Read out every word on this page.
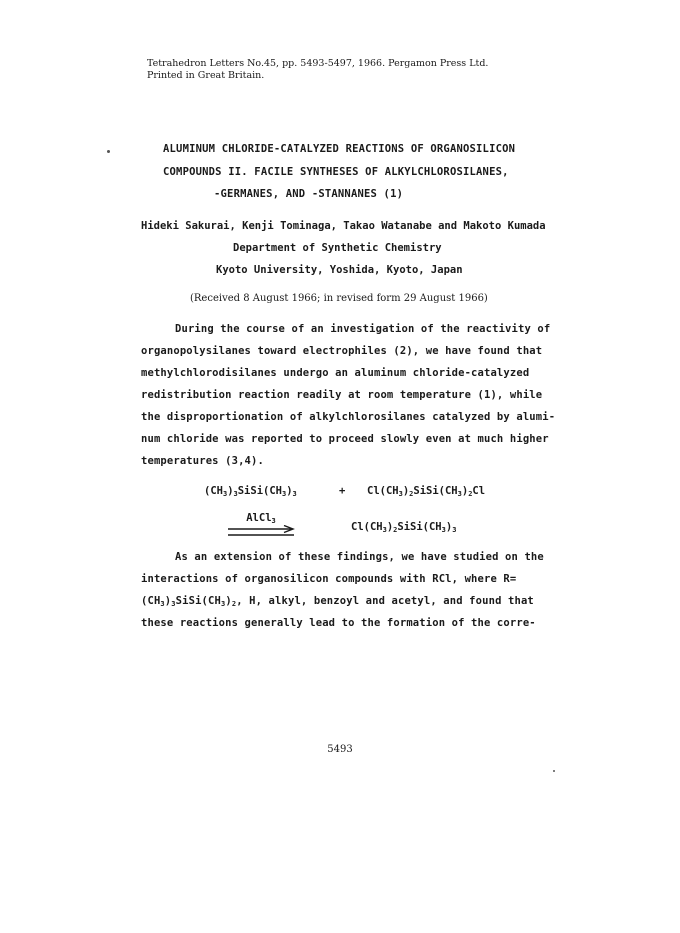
Tetrahedron Letters No.45, pp. 5493-5497, 1966. Pergamon Press Ltd.
Printed in Great Britain.
ALUMINUM CHLORIDE-CATALYZED REACTIONS OF ORGANOSILICON
COMPOUNDS II. FACILE SYNTHESES OF ALKYLCHLOROSILANES,
-GERMANES, AND -STANNANES (1)
Hideki Sakurai, Kenji Tominaga, Takao Watanabe and Makoto Kumada
Department of Synthetic Chemistry
Kyoto University, Yoshida, Kyoto, Japan
(Received 8 August 1966; in revised form 29 August 1966)
During the course of an investigation of the reactivity of
organopolysilanes toward electrophiles (2), we have found that
methylchlorodisilanes undergo an aluminum chloride-catalyzed
redistribution reaction readily at room temperature (1), while
the disproportionation of alkylchlorosilanes catalyzed by alumi-
num chloride was reported to proceed slowly even at much higher
temperatures (3,4).
$(CH_3)_3SiSi(CH_3)_3$	+ $Cl(CH_3)_2SiSi(CH_3)_2Cl$
AlCl$_3$	$Cl(CH_3)_2SiSi(CH_3)_3$
As an extension of these findings, we have studied on the
interactions of organosilicon compounds with RCl, where R=
$(CH_3)_3SiSi(CH_3)_2$, H, alkyl, benzoyl and acetyl, and found that
these reactions generally lead to the formation of the corre-
5493
